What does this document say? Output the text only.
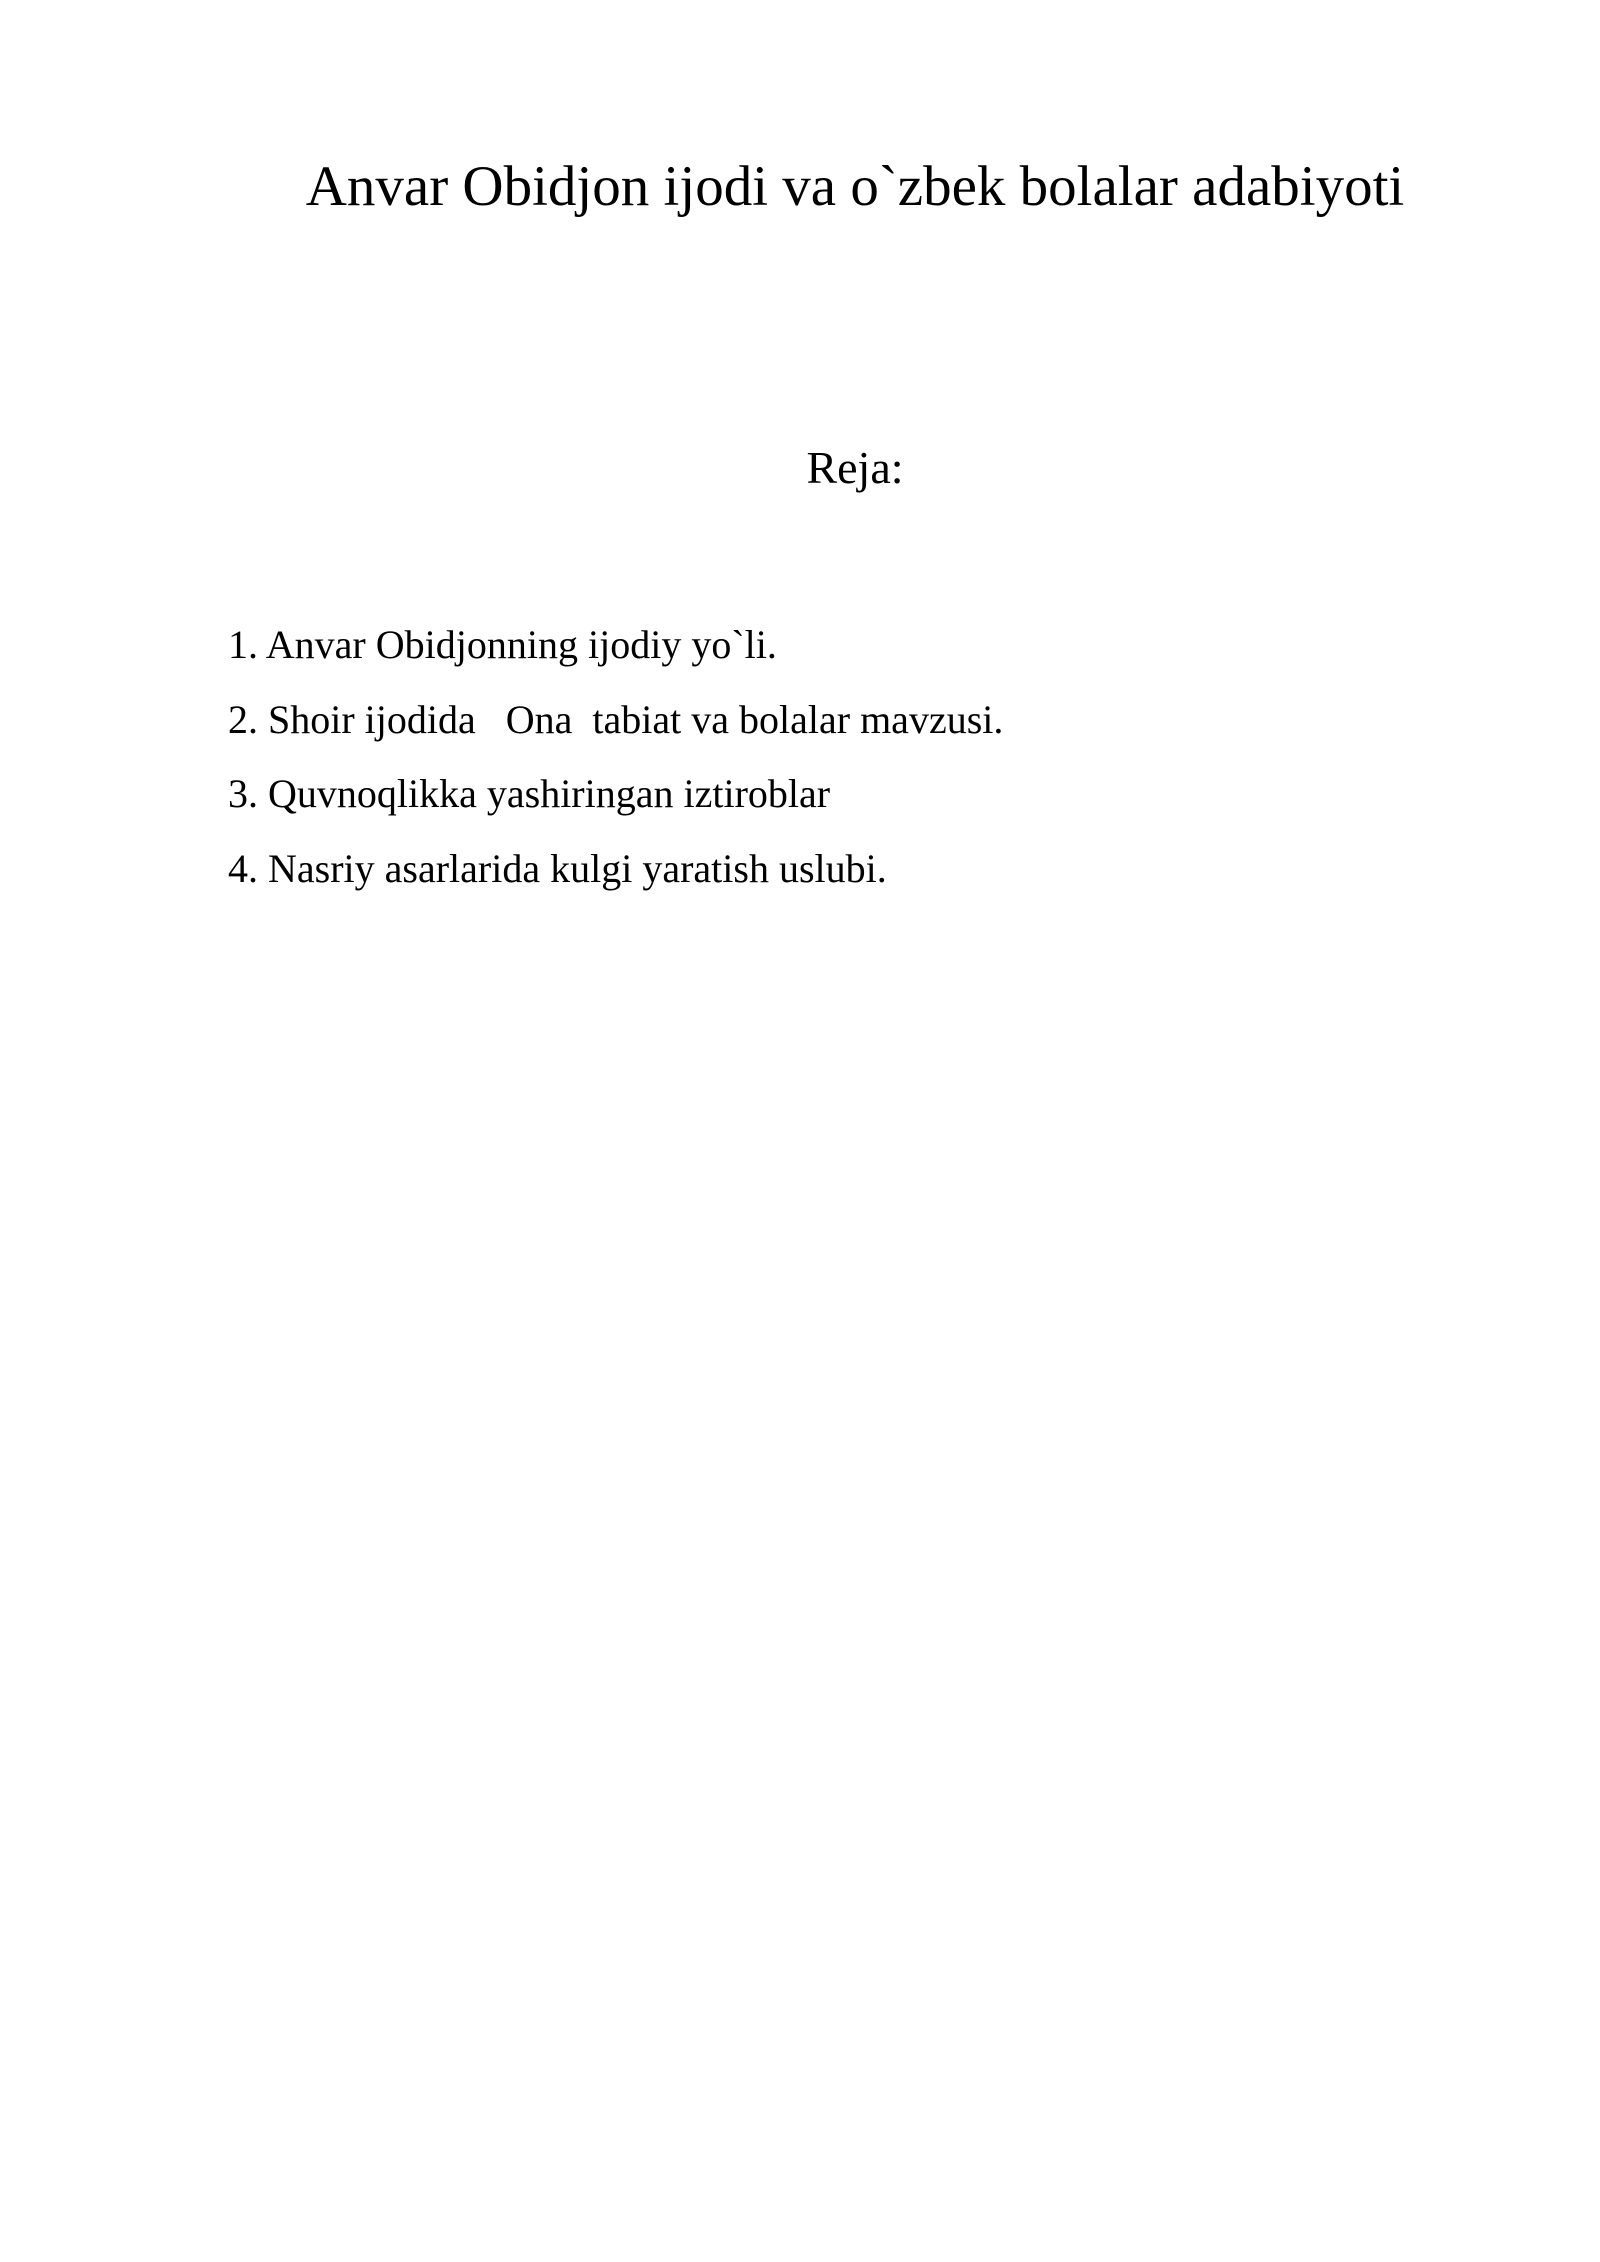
Anvar Obidjon ijodi va o`zbek bolalar adabiyoti
Reja:
1. Anvar Obidjonning ijodiy yo`li.
2. Shoir ijodida   Ona  tabiat va bolalar mavzusi.
3. Quvnoqlikka yashiringan iztiroblar
4. Nasriy asarlarida kulgi yaratish uslubi.
